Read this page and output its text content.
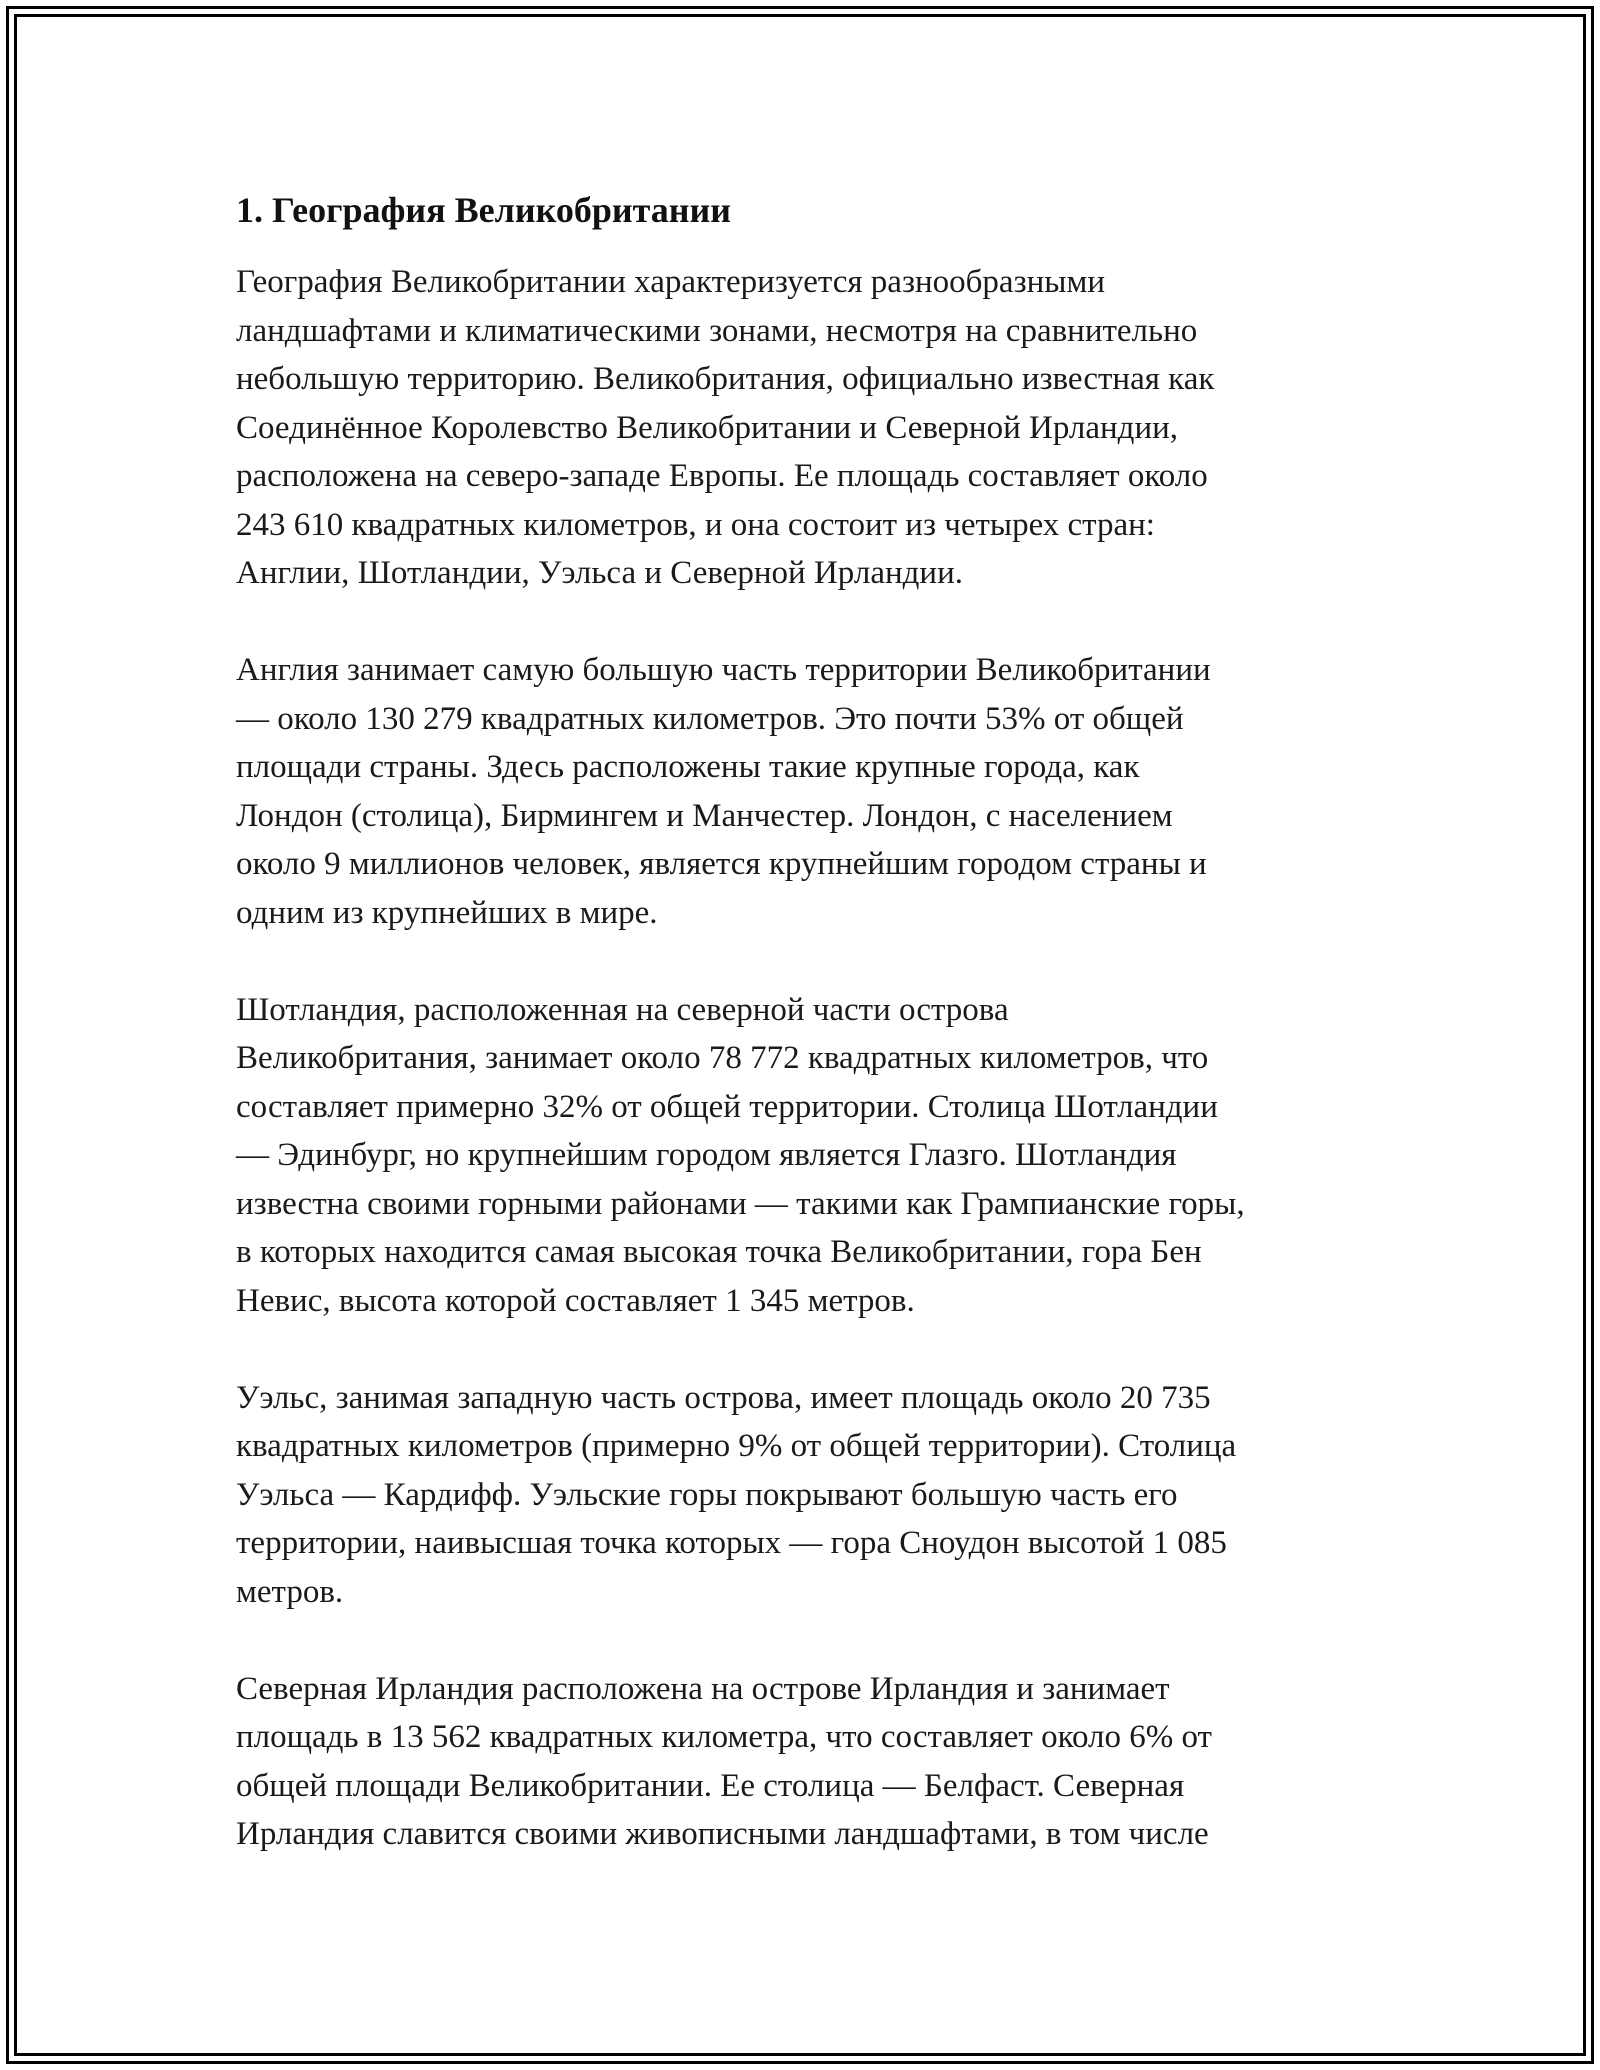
1. География Великобритании

География Великобритании характеризуется разнообразными
ландшафтами и климатическими зонами, несмотря на сравнительно
небольшую территорию. Великобритания, официально известная как
Соединённое Королевство Великобритании и Северной Ирландии,
расположена на северо-западе Европы. Ее площадь составляет около
243 610 квадратных километров, и она состоит из четырех стран:
Англии, Шотландии, Уэльса и Северной Ирландии.

Англия занимает самую большую часть территории Великобритании
— около 130 279 квадратных километров. Это почти 53% от общей
площади страны. Здесь расположены такие крупные города, как
Лондон (столица), Бирмингем и Манчестер. Лондон, с населением
около 9 миллионов человек, является крупнейшим городом страны и
одним из крупнейших в мире.

Шотландия, расположенная на северной части острова
Великобритания, занимает около 78 772 квадратных километров, что
составляет примерно 32% от общей территории. Столица Шотландии
— Эдинбург, но крупнейшим городом является Глазго. Шотландия
известна своими горными районами — такими как Грампианские горы,
в которых находится самая высокая точка Великобритании, гора Бен
Невис, высота которой составляет 1 345 метров.

Уэльс, занимая западную часть острова, имеет площадь около 20 735
квадратных километров (примерно 9% от общей территории). Столица
Уэльса — Кардифф. Уэльские горы покрывают большую часть его
территории, наивысшая точка которых — гора Сноудон высотой 1 085
метров.

Северная Ирландия расположена на острове Ирландия и занимает
площадь в 13 562 квадратных километра, что составляет около 6% от
общей площади Великобритании. Ее столица — Белфаст. Северная
Ирландия славится своими живописными ландшафтами, в том числе
